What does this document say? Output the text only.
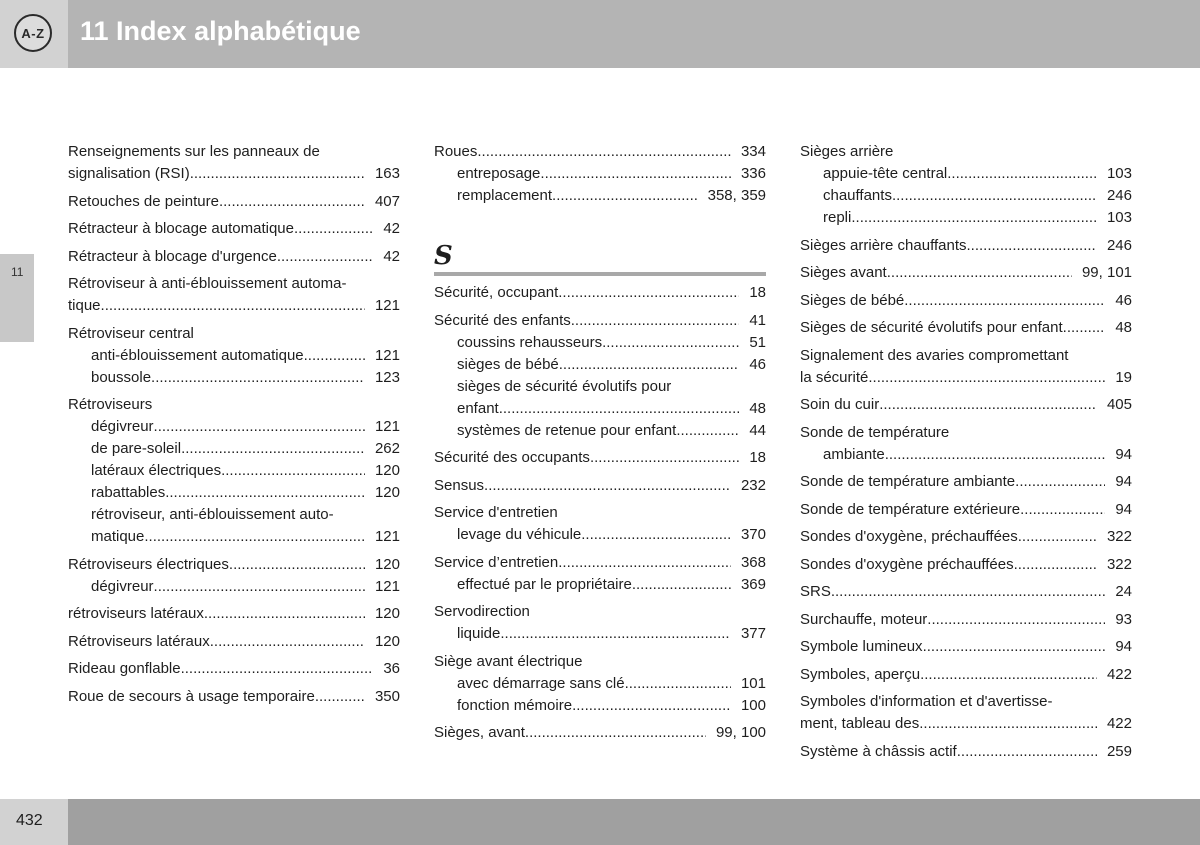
A-Z 11 Index alphabétique
11
Renseignements sur les panneaux de
signalisation (RSI) .....	163
Retouches de peinture .....	407
Rétracteur à blocage automatique .....	42
Rétracteur à blocage d'urgence .....	42
Rétroviseur à anti-éblouissement automa-
tique .....	121
Rétroviseur central
anti-éblouissement automatique .....	121
boussole .....	123
Rétroviseurs
dégivreur .....	121
de pare-soleil .....	262
latéraux électriques .....	120
rabattables .....	120
rétroviseur, anti-éblouissement auto-
matique .....	121
Rétroviseurs électriques .....	120
dégivreur .....	121
rétroviseurs latéraux .....	120
Rétroviseurs latéraux .....	120
Rideau gonflable .....	36
Roue de secours à usage temporaire .....	350
Roues .....	334
entreposage .....	336
remplacement .....	358, 359
S
Sécurité, occupant .....	18
Sécurité des enfants .....	41
coussins rehausseurs .....	51
sièges de bébé .....	46
sièges de sécurité évolutifs pour
enfant .....	48
systèmes de retenue pour enfant .....	44
Sécurité des occupants .....	18
Sensus .....	232
Service d'entretien
levage du véhicule .....	370
Service d’entretien .....	368
effectué par le propriétaire .....	369
Servodirection
liquide .....	377
Siège avant électrique
avec démarrage sans clé .....	101
fonction mémoire .....	100
Sièges, avant .....	99, 100
Sièges arrière
appuie-tête central .....	103
chauffants .....	246
repli .....	103
Sièges arrière chauffants .....	246
Sièges avant .....	99, 101
Sièges de bébé .....	46
Sièges de sécurité évolutifs pour enfant .....	48
Signalement des avaries compromettant
la sécurité .....	19
Soin du cuir .....	405
Sonde de température
ambiante .....	94
Sonde de température ambiante .....	94
Sonde de température extérieure .....	94
Sondes d'oxygène, préchauffées .....	322
Sondes d'oxygène préchauffées .....	322
SRS .....	24
Surchauffe, moteur .....	93
Symbole lumineux .....	94
Symboles, aperçu .....	422
Symboles d'information et d'avertisse-
ment, tableau des .....	422
Système à châssis actif .....	259
432
